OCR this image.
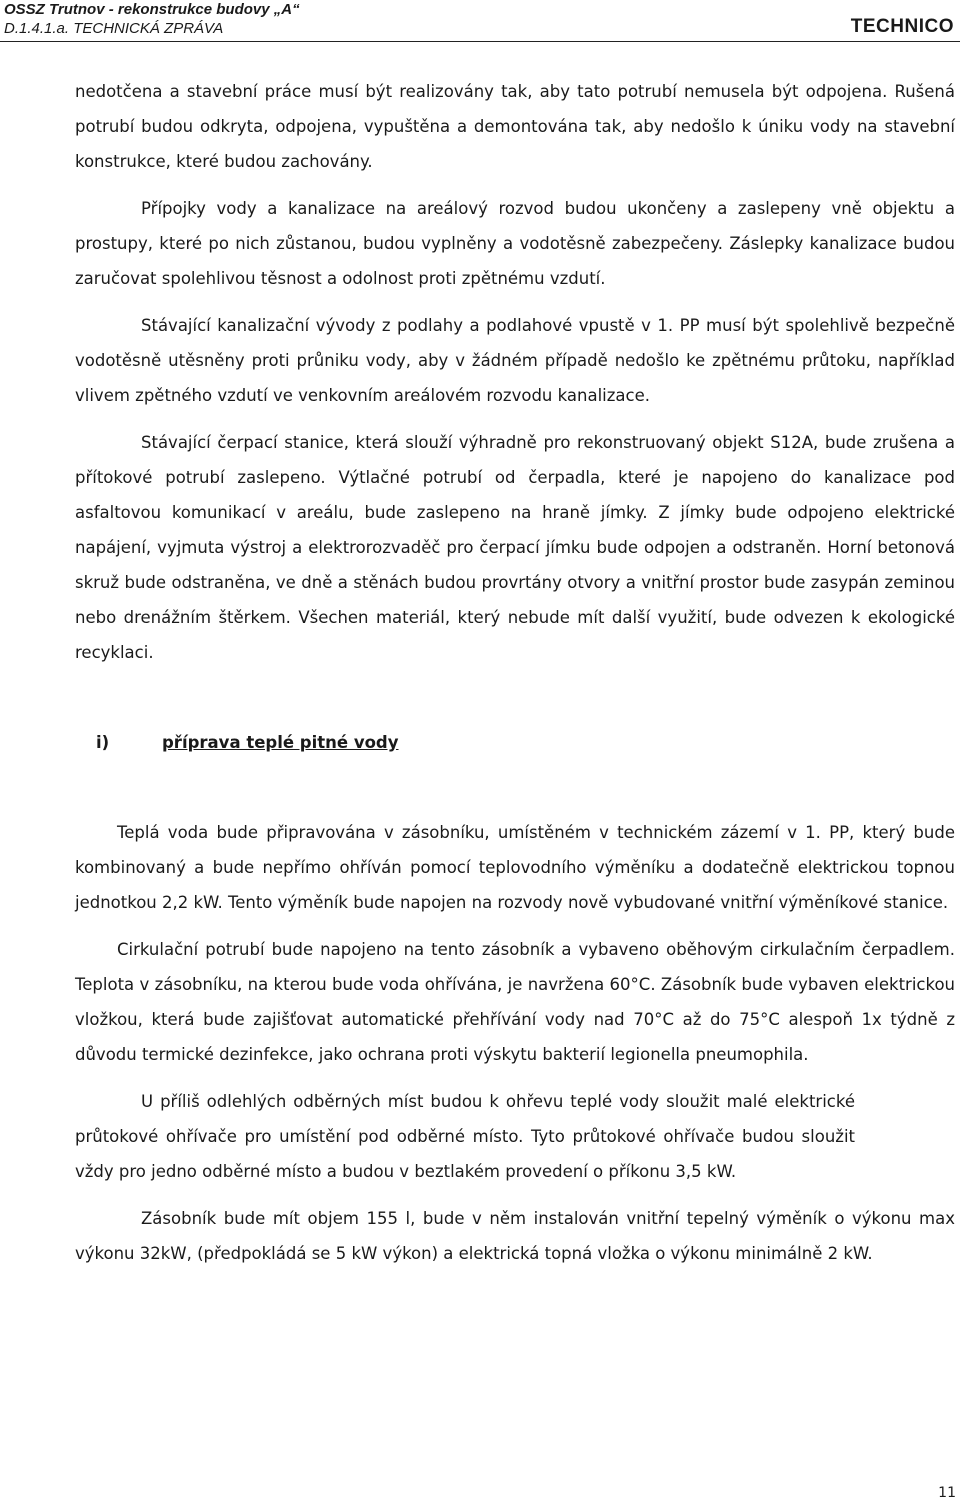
OSSZ Trutnov - rekonstrukce budovy „A“

D.1.4.1.a. TECHNICKÁ ZPRÁVA	TECHNICO

nedotčena a stavební práce musí být realizovány tak, aby tato potrubí nemusela být odpojena. Rušená potrubí budou odkryta, odpojena, vypuštěna a demontována tak, aby nedošlo k úniku vody na stavební konstrukce, které budou zachovány.

Přípojky vody a kanalizace na areálový rozvod budou ukončeny a zaslepeny vně objektu a prostupy, které po nich zůstanou, budou vyplněny a vodotěsně zabezpečeny. Záslepky kanalizace budou zaručovat spolehlivou těsnost a odolnost proti zpětnému vzdutí.

Stávající kanalizační vývody z podlahy a podlahové vpustě v 1. PP musí být spolehlivě bezpečně vodotěsně utěsněny proti průniku vody, aby v žádném případě nedošlo ke zpětnému průtoku, například vlivem zpětného vzdutí ve venkovním areálovém rozvodu kanalizace.

Stávající čerpací stanice, která slouží výhradně pro rekonstruovaný objekt S12A, bude zrušena a přítokové potrubí zaslepeno. Výtlačné potrubí od čerpadla, které je napojeno do kanalizace pod asfaltovou komunikací v areálu, bude zaslepeno na hraně jímky. Z jímky bude odpojeno elektrické napájení, vyjmuta výstroj a elektrorozvaděč pro čerpací jímku bude odpojen a odstraněn. Horní betonová skruž bude odstraněna, ve dně a stěnách budou provrtány otvory a vnitřní prostor bude zasypán zeminou nebo drenážním štěrkem. Všechen materiál, který nebude mít další využití, bude odvezen k ekologické recyklaci.

i)	příprava teplé pitné vody

Teplá voda bude připravována v zásobníku, umístěném v technickém zázemí v 1. PP, který bude kombinovaný a bude nepřímo ohříván pomocí teplovodního výměníku a dodatečně elektrickou topnou jednotkou 2,2 kW. Tento výměník bude napojen na rozvody nově vybudované vnitřní výměníkové stanice.

Cirkulační potrubí bude napojeno na tento zásobník a vybaveno oběhovým cirkulačním čerpadlem. Teplota v zásobníku, na kterou bude voda ohřívána, je navržena 60°C. Zásobník bude vybaven elektrickou vložkou, která bude zajišťovat automatické přehřívání vody nad 70°C až do 75°C alespoň 1x týdně z důvodu termické dezinfekce, jako ochrana proti výskytu bakterií legionella pneumophila.

U příliš odlehlých odběrných míst budou k ohřevu teplé vody sloužit malé elektrické průtokové ohřívače pro umístění pod odběrné místo. Tyto průtokové ohřívače budou sloužit vždy pro jedno odběrné místo a budou v beztlakém provedení o příkonu 3,5 kW.

Zásobník bude mít objem 155 l, bude v něm instalován vnitřní tepelný výměník o výkonu max výkonu 32kW, (předpokládá se 5 kW výkon) a elektrická topná vložka o výkonu minimálně 2 kW.

11
